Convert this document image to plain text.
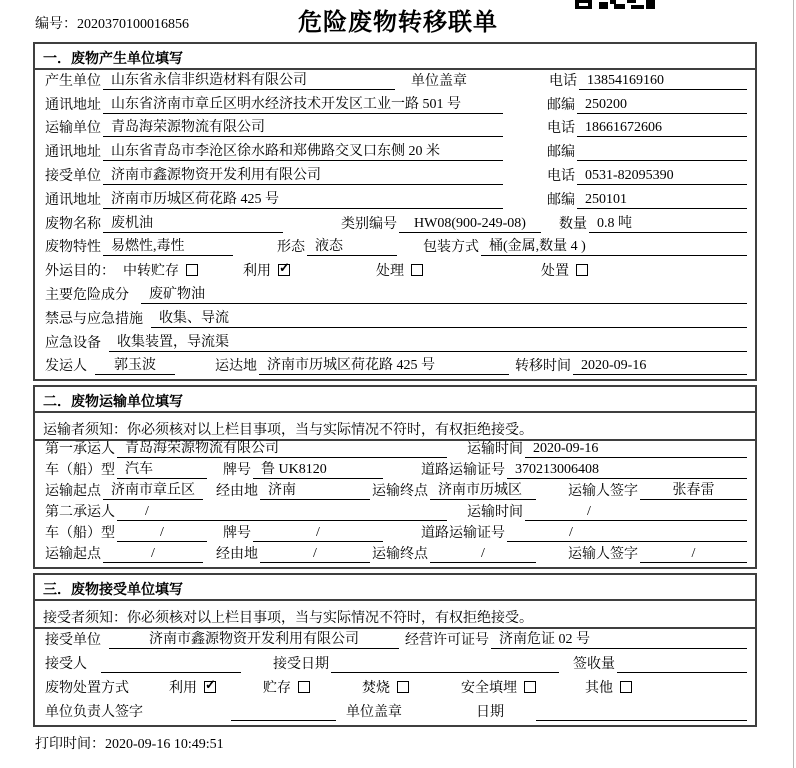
编号：2020370100016856	危险废物转移联单
一．废物产生单位填写
产生单位 山东省永信非织造材料有限公司	单位盖章	电话 13854169160
通讯地址 山东省济南市章丘区明水经济技术开发区工业一路 501 号	邮编 250200
运输单位 青岛海荣源物流有限公司	电话 18661672606
通讯地址 山东省青岛市李沧区徐水路和郑佛路交叉口东侧 20 米	邮编
接受单位 济南市鑫源物资开发利用有限公司	电话 0531-82095390
通讯地址 济南市历城区荷花路 425 号	邮编 250101
废物名称 废机油	类别编号	HW08(900-249-08)	数量 0.8 吨
废物特性 易燃性,毒性	形态 液态	包装方式 桶(金属,数量 4 )
外运目的： 中转贮存	利用 ✓	处理	处置
主要危险成分	废矿物油
禁忌与应急措施	收集、导流
应急设备	收集装置，导流渠
发运人	郭玉波	运达地 济南市历城区荷花路 425 号	转移时间 2020-09-16
二．废物运输单位填写
运输者须知：你必须核对以上栏目事项，当与实际情况不符时，有权拒绝接受。
第一承运人 青岛海荣源物流有限公司	运输时间 2020-09-16
车（船）型 汽车	牌号 鲁 UK8120	道路运输证号 370213006408
运输起点 济南市章丘区	经由地 济南	运输终点 济南市历城区	运输人签字	张春雷
第二承运人	/	运输时间	/
车（船）型	/	牌号	/	道路运输证号	/
运输起点	/	经由地	/	运输终点	/	运输人签字	/
三．废物接受单位填写
接受者须知：你必须核对以上栏目事项，当与实际情况不符时，有权拒绝接受。
接受单位	济南市鑫源物资开发利用有限公司	经营许可证号 济南危证 02 号
接受人	接受日期	签收量
废物处置方式	利用 ✓	贮存	焚烧	安全填埋	其他
单位负责人签字	单位盖章	日期
打印时间：2020-09-16 10:49:51
